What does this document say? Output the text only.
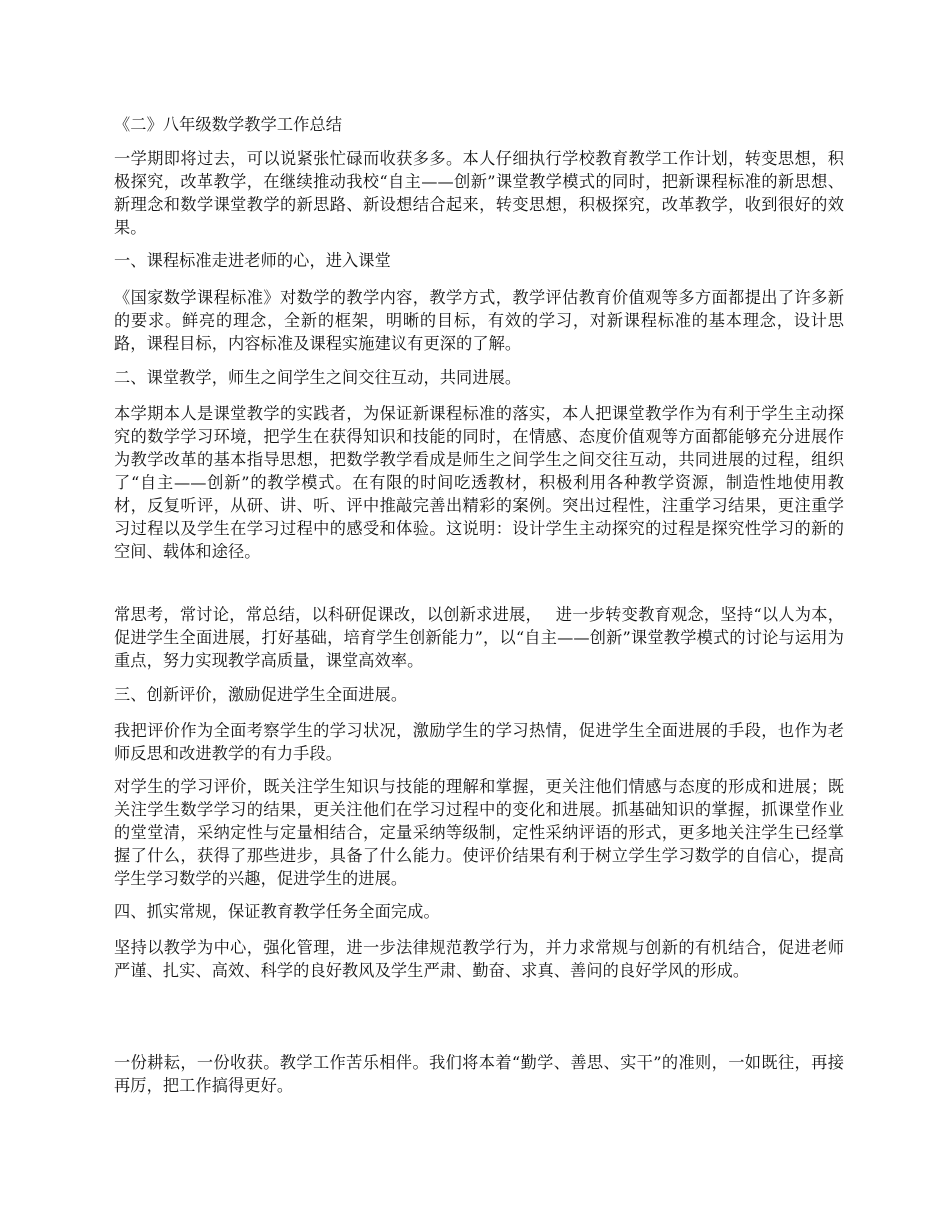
《二》八年级数学教学工作总结

一学期即将过去，可以说紧张忙碌而收获多多。本人仔细执行学校教育教学工作计划，转变思想，积极探究，改革教学，在继续推动我校“自主——创新”课堂教学模式的同时，把新课程标准的新思想、新理念和数学课堂教学的新思路、新设想结合起来，转变思想，积极探究，改革教学，收到很好的效果。

一、课程标准走进老师的心，进入课堂

《国家数学课程标准》对数学的教学内容，教学方式，教学评估教育价值观等多方面都提出了许多新的要求。鲜亮的理念，全新的框架，明晰的目标，有效的学习，对新课程标准的基本理念，设计思路，课程目标，内容标准及课程实施建议有更深的了解。

二、课堂教学，师生之间学生之间交往互动，共同进展。

本学期本人是课堂教学的实践者，为保证新课程标准的落实，本人把课堂教学作为有利于学生主动探究的数学学习环境，把学生在获得知识和技能的同时，在情感、态度价值观等方面都能够充分进展作为教学改革的基本指导思想，把数学教学看成是师生之间学生之间交往互动，共同进展的过程，组织了“自主——创新”的教学模式。在有限的时间吃透教材，积极利用各种教学资源，制造性地使用教材，反复听评，从研、讲、听、评中推敲完善出精彩的案例。突出过程性，注重学习结果，更注重学习过程以及学生在学习过程中的感受和体验。这说明：设计学生主动探究的过程是探究性学习的新的空间、载体和途径。

常思考，常讨论，常总结，以科研促课改，以创新求进展，　 进一步转变教育观念，坚持“以人为本，促进学生全面进展，打好基础，培育学生创新能力”，以“自主——创新”课堂教学模式的讨论与运用为重点，努力实现教学高质量，课堂高效率。

三、创新评价，激励促进学生全面进展。

我把评价作为全面考察学生的学习状况，激励学生的学习热情，促进学生全面进展的手段，也作为老师反思和改进教学的有力手段。

对学生的学习评价，既关注学生知识与技能的理解和掌握，更关注他们情感与态度的形成和进展；既关注学生数学学习的结果，更关注他们在学习过程中的变化和进展。抓基础知识的掌握，抓课堂作业的堂堂清，采纳定性与定量相结合，定量采纳等级制，定性采纳评语的形式，更多地关注学生已经掌握了什么，获得了那些进步，具备了什么能力。使评价结果有利于树立学生学习数学的自信心，提高学生学习数学的兴趣，促进学生的进展。

四、抓实常规，保证教育教学任务全面完成。

坚持以教学为中心，强化管理，进一步法律规范教学行为，并力求常规与创新的有机结合，促进老师严谨、扎实、高效、科学的良好教风及学生严肃、勤奋、求真、善问的良好学风的形成。

一份耕耘，一份收获。教学工作苦乐相伴。我们将本着“勤学、善思、实干”的准则，一如既往，再接再厉，把工作搞得更好。
